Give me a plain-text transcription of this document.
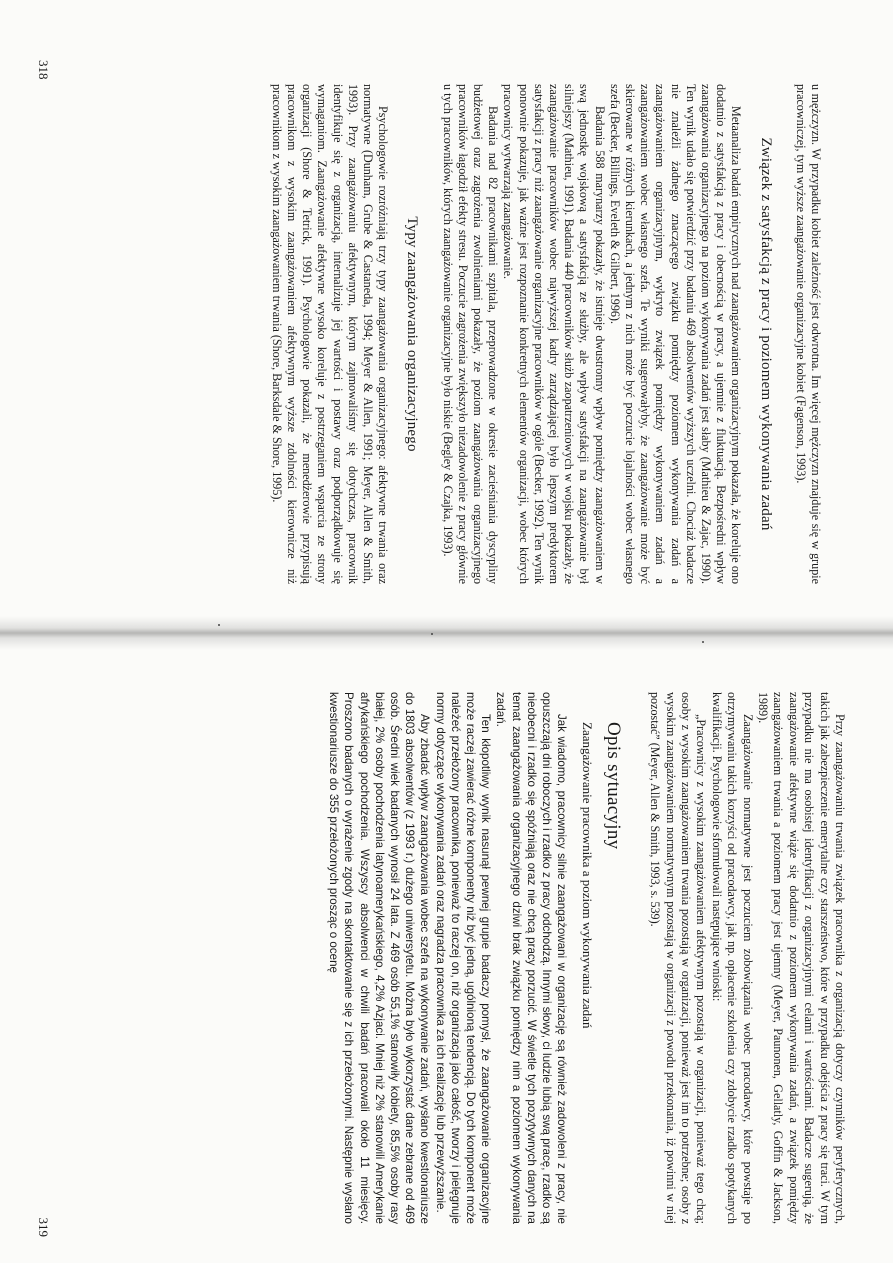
u mężczyzn. W przypadku kobiet zależność jest odwrotna. Im więcej mężczyzn znajduje się w grupie pracowniczej, tym wyższe zaangażowanie organizacyjne kobiet (Fagenson, 1993).

Związek z satysfakcją z pracy i poziomem wykonywania zadań

Metaanaliza badań empirycznych nad zaangażowaniem organizacyjnym pokazała, że koreluje ono dodatnio z satysfakcją z pracy i obecnością w pracy, a ujemnie z fluktuacją. Bezpośredni wpływ zaangażowania organizacyjnego na poziom wykonywania zadań jest słaby (Mathieu & Zajac, 1990). Ten wynik udało się potwierdzić przy badaniu 469 absolwentów wyższych uczelni. Chociaż badacze nie znaleźli żadnego znaczącego związku pomiędzy poziomem wykonywania zadań a zaangażowaniem organizacyjnym, wykryto związek pomiędzy wykonywaniem zadań a zaangażowaniem wobec własnego szefa. Te wyniki sugerowałyby, że zaangażowanie może być skierowane w różnych kierunkach, a jednym z nich może być poczucie lojalności wobec własnego szefa (Becker, Billings, Eveleth & Gilbert, 1996).

Badania 588 marynarzy pokazały, że istnieje dwustronny wpływ pomiędzy zaangażowaniem w swą jednostkę wojskową a satysfakcją ze służby, ale wpływ satysfakcji na zaangażowanie był silniejszy (Mathieu, 1991). Badania 440 pracowników służb zaopatrzeniowych w wojsku pokazały, że zaangażowanie pracowników wobec najwyższej kadry zarządzającej było lepszym predyktorem satysfakcji z pracy niż zaangażowanie organizacyjne pracowników w ogóle (Becker, 1992). Ten wynik ponownie pokazuje, jak ważne jest rozpoznanie konkretnych elementów organizacji, wobec których pracownicy wytwarzają zaangażowanie.

Badania nad 82 pracownikami szpitala, przeprowadzone w okresie zacieśniania dyscypliny budżetowej oraz zagrożenia zwolnieniami pokazały, że poziom zaangażowania organizacyjnego pracowników łagodził efekty stresu. Poczucie zagrożenia zwiększyło niezadowolenie z pracy głównie u tych pracowników, których zaangażowanie organizacyjne było niskie (Begley & Czajka, 1993).

Typy zaangażowania organizacyjnego

Psychologowie rozróżniają trzy typy zaangażowania organizacyjnego: afektywne trwania oraz normatywne (Dunham, Grube & Castaneda, 1994; Meyer & Allen, 1991; Meyer, Allen & Smith, 1993). Przy zaangażowaniu afektywnym, którym zajmowaliśmy się dotychczas, pracownik identyfikuje się z organizacją, internalizuje jej wartości i postawy oraz podporządkowuje się wymaganiom. Zaangażowanie afektywne wysoko koreluje z postrzeganiem wsparcia ze strony organizacji (Shore & Tetrick, 1991). Psychologowie pokazali, że menedżerowie przypisują pracownikom z wysokim zaangażowaniem afektywnym wyższe zdolności kierownicze niż pracownikom z wysokim zaangażowaniem trwania (Shore, Barksdale & Shore, 1995).

318

Przy zaangażowaniu trwania związek pracownika z organizacją dotyczy czynników peryferycznych, takich jak zabezpieczenie emerytalne czy starszeństwo, które w przypadku odejścia z pracy się traci. W tym przypadku nie ma osobistej identyfikacji z organizacyjnymi celami i wartościami. Badacze sugerują, że zaangażowanie afektywne wiąże się dodatnio z poziomem wykonywania zadań, a związek pomiędzy zaangażowaniem trwania a poziomem pracy jest ujemny (Meyer, Paunonen, Gellatly, Goffin & Jackson, 1989).

Zaangażowanie normatywne jest poczuciem zobowiązania wobec pracodawcy, które powstaje po otrzymywaniu takich korzyści od pracodawcy, jak np. opłacenie szkolenia czy zdobycie rzadko spotykanych kwalifikacji. Psychologowie sformułowali następujące wnioski:

„Pracownicy z wysokim zaangażowaniem afektywnym pozostają w organizacji, ponieważ tego chcą; osoby z wysokim zaangażowaniem trwania pozostają w organizacji, ponieważ jest im to potrzebne; osoby z wysokim zaangażowaniem normatywnym pozostają w organizacji z powodu przekonania, iż powinni w niej pozostać” (Meyer, Allen & Smith, 1993, s. 539).

Opis sytuacyjny
Zaangażowanie pracownika a poziom wykonywania zadań

Jak wiadomo, pracownicy silnie zaangażowani w organizację są również zadowoleni z pracy, nie opuszczają dni roboczych i rzadko z pracy odchodzą. Innymi słowy, ci ludzie lubią swą pracę, rzadko są nieobecni i rzadko się spóźniają oraz nie chcą pracy porzucić. W świetle tych pozytywnych danych na temat zaangażowania organizacyjnego dziwi brak związku pomiędzy nim a poziomem wykonywania zadań.

Ten kłopotliwy wynik nasunął pewnej grupie badaczy pomysł, że zaangażowanie organizacyjne może raczej zawierać różne komponenty niż być jedną, ugólnioną tendencją. Do tych komponent może należeć przełożony pracownika, ponieważ to raczej on, niż organizacja jako całość, tworzy i pielęgnuje normy dotyczące wykonywania zadań oraz nagradza pracownika za ich realizację lub przewyższanie.

Aby zbadać wpływ zaangażowania wobec szefa na wykonywanie zadań, wysłano kwestionariusze do 1803 absolwentów (z 1993 r.) dużego uniwersytetu. Można było wykorzystać dane zebrane od 469 osób. Średni wiek badanych wynosił 24 lata. Z 469 osób 55,1% stanowiły kobiety, 85,5% osoby rasy białej, 2% osoby pochodzenia latynoamerykańskiego, 4,2% Azjaci. Mniej niż 2% stanowili Amerykanie afrykańskiego pochodzenia. Wszyscy absolwenci w chwili badań pracowali około 11 miesięcy. Proszono badanych o wyrażenie zgody na skontaktowanie się z ich przełożonymi. Następnie wysłano kwestionariusze do 355 przełożonych prosząc o ocenę

319
